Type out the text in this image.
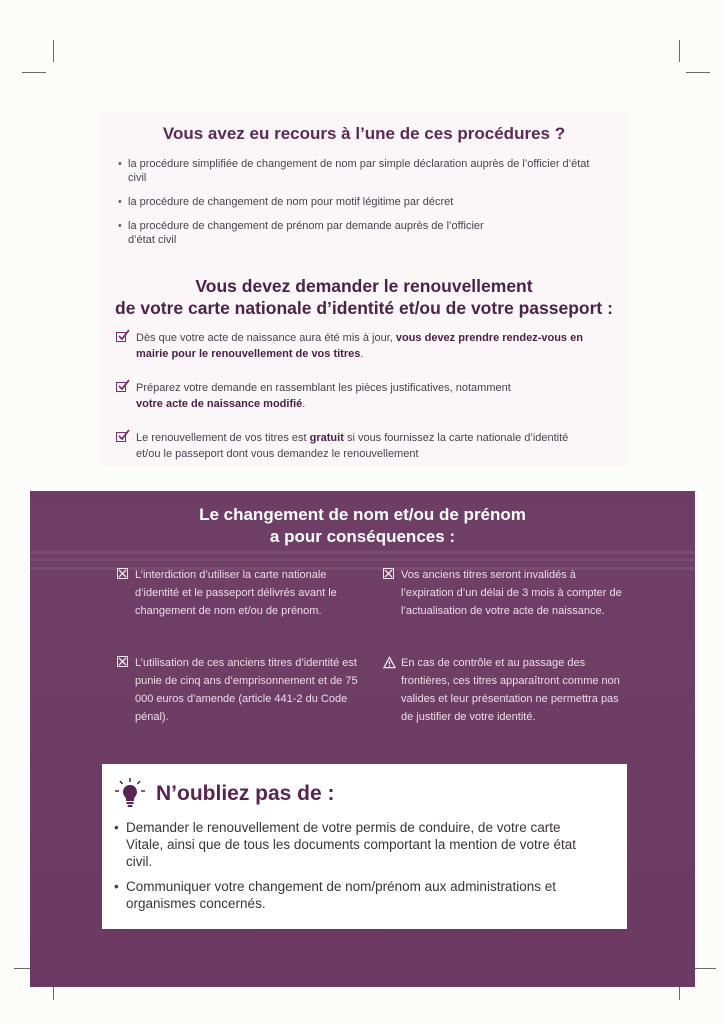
Vous avez eu recours à l’une de ces procédures ?
• la procédure simplifiée de changement de nom par simple déclaration auprès de l’officier d’état civil
• la procédure de changement de nom pour motif légitime par décret
• la procédure de changement de prénom par demande auprès de l’officier d’état civil
Vous devez demander le renouvellement
de votre carte nationale d’identité et/ou de votre passeport :
Dès que votre acte de naissance aura été mis à jour, vous devez prendre rendez-vous en mairie pour le renouvellement de vos titres.
Préparez votre demande en rassemblant les pièces justificatives, notamment votre acte de naissance modifié.
Le renouvellement de vos titres est gratuit si vous fournissez la carte nationale d’identité et/ou le passeport dont vous demandez le renouvellement
Le changement de nom et/ou de prénom
a pour conséquences :
L’interdiction d’utiliser la carte nationale d’identité et le passeport délivrés avant le changement de nom et/ou de prénom.
Vos anciens titres seront invalidés à l’expiration d’un délai de 3 mois à compter de l’actualisation de votre acte de naissance.
L’utilisation de ces anciens titres d’identité est punie de cinq ans d’emprisonnement et de 75 000 euros d’amende (article 441-2 du Code pénal).
En cas de contrôle et au passage des frontières, ces titres apparaîtront comme non valides et leur présentation ne permettra pas de justifier de votre identité.
N’oubliez pas de :
• Demander le renouvellement de votre permis de conduire, de votre carte Vitale, ainsi que de tous les documents comportant la mention de votre état civil.
• Communiquer votre changement de nom/prénom aux administrations et organismes concernés.
